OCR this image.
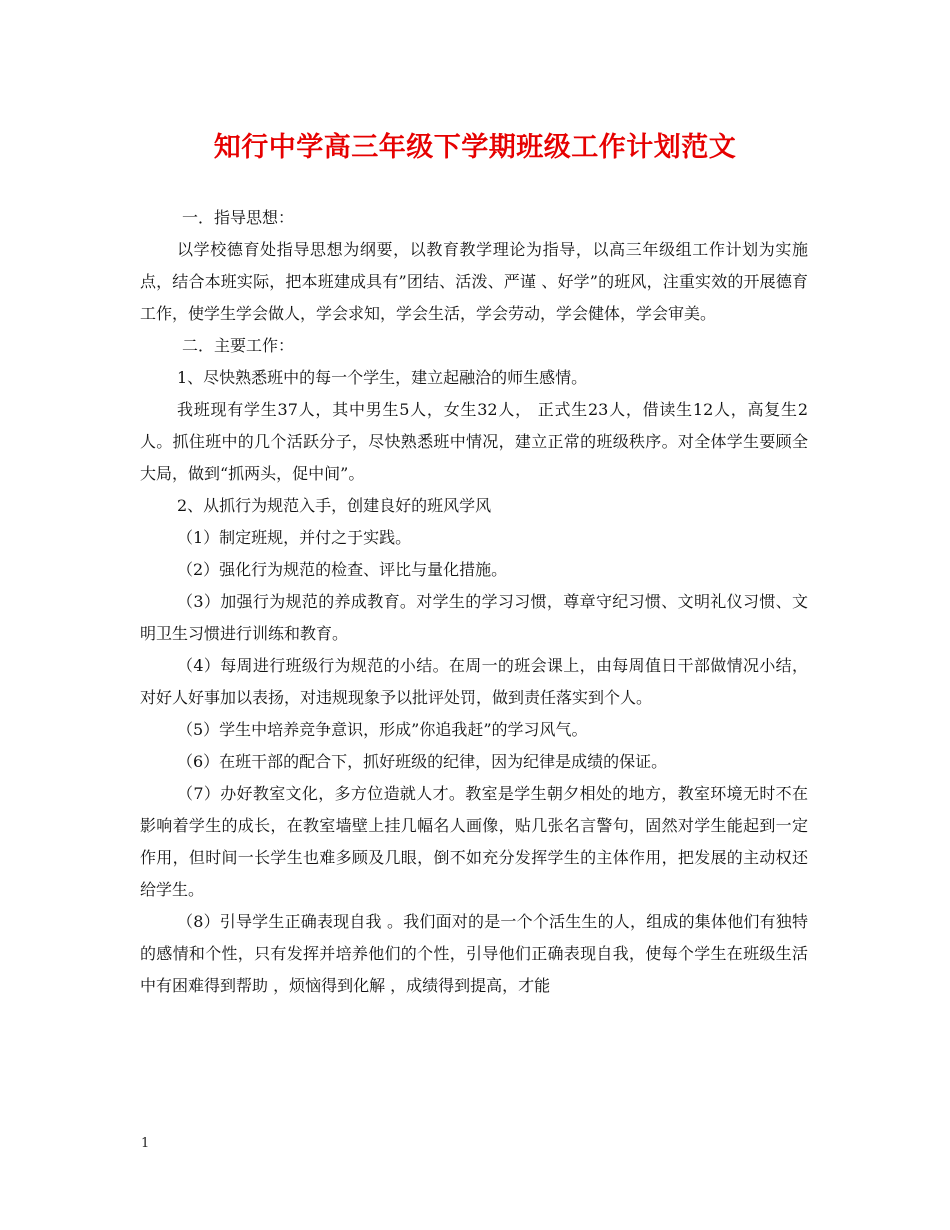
知行中学高三年级下学期班级工作计划范文

一．指导思想：

以学校德育处指导思想为纲要，以教育教学理论为指导，以高三年级组工作计划为实施点，结合本班实际，把本班建成具有”团结、活泼、严谨 、好学”的班风，注重实效的开展德育工作，使学生学会做人，学会求知，学会生活，学会劳动，学会健体，学会审美。

二．主要工作：

1、尽快熟悉班中的每一个学生，建立起融洽的师生感情。

我班现有学生37人，其中男生5人，女生32人， 正式生23人，借读生12人，高复生2人。抓住班中的几个活跃分子，尽快熟悉班中情况，建立正常的班级秩序。对全体学生要顾全大局，做到“抓两头，促中间”。

2、从抓行为规范入手，创建良好的班风学风

（1）制定班规，并付之于实践。

（2）强化行为规范的检查、评比与量化措施。

（3）加强行为规范的养成教育。对学生的学习习惯，尊章守纪习惯、文明礼仪习惯、文明卫生习惯进行训练和教育。

（4）每周进行班级行为规范的小结。在周一的班会课上，由每周值日干部做情况小结，对好人好事加以表扬，对违规现象予以批评处罚，做到责任落实到个人。

（5）学生中培养竞争意识，形成”你追我赶”的学习风气。

（6）在班干部的配合下，抓好班级的纪律，因为纪律是成绩的保证。

（7）办好教室文化，多方位造就人才。教室是学生朝夕相处的地方，教室环境无时不在影响着学生的成长，在教室墙壁上挂几幅名人画像，贴几张名言警句，固然对学生能起到一定作用，但时间一长学生也难多顾及几眼，倒不如充分发挥学生的主体作用，把发展的主动权还给学生。

（8）引导学生正确表现自我 。我们面对的是一个个活生生的人，组成的集体他们有独特的感情和个性，只有发挥并培养他们的个性，引导他们正确表现自我，使每个学生在班级生活中有困难得到帮助 ，烦恼得到化解 ，成绩得到提高，才能

1
